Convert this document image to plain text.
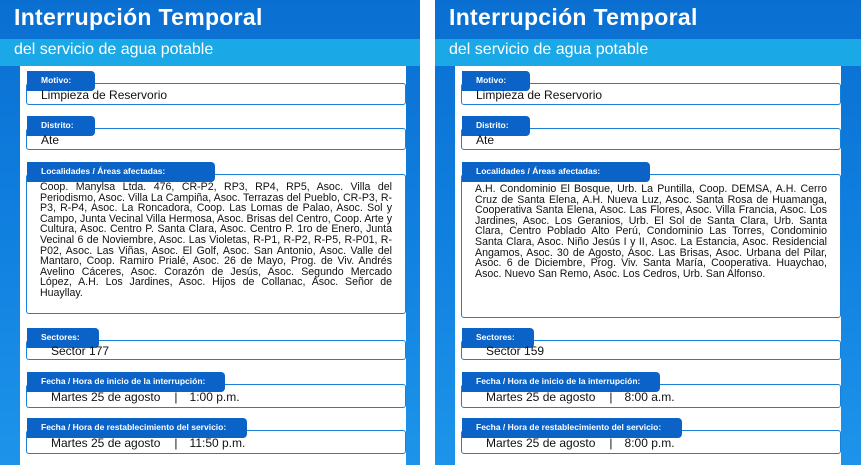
Interrupción Temporal
del servicio de agua potable
Motivo:
Limpieza de Reservorio
Distrito:
Ate
Localidades / Áreas afectadas:
Coop. Manylsa Ltda. 476, CR-P2, RP3, RP4, RP5, Asoc. Villa del Periodismo, Asoc. Villa La Campiña, Asoc. Terrazas del Pueblo, CR-P3, R-P3, R-P4, Asoc. La Roncadora, Coop. Las Lomas de Palao, Asoc. Sol y Campo, Junta Vecinal Villa Hermosa, Asoc. Brisas del Centro, Coop. Arte y Cultura, Asoc. Centro P. Santa Clara, Asoc. Centro P. 1ro de Enero, Junta Vecinal 6 de Noviembre, Asoc. Las Violetas, R-P1, R-P2, R-P5, R-P01, R-P02, Asoc. Las Viñas, Asoc. El Golf, Asoc. San Antonio, Asoc. Valle del Mantaro, Coop. Ramiro Prialé, Asoc. 26 de Mayo, Prog. de Viv. Andrés Avelino Cáceres, Asoc. Corazón de Jesús, Asoc. Segundo Mercado López, A.H. Los Jardines, Asoc. Hijos de Collanac, Asoc. Señor de Huayllay.
Sectores:
Sector 177
Fecha / Hora de inicio de la interrupción:
Martes 25 de agosto | 1:00 p.m.
Fecha / Hora de restablecimiento del servicio:
Martes 25 de agosto | 11:50 p.m.
Interrupción Temporal
del servicio de agua potable
Motivo:
Limpieza de Reservorio
Distrito:
Ate
Localidades / Áreas afectadas:
A.H. Condominio El Bosque, Urb. La Puntilla, Coop. DEMSA, A.H. Cerro Cruz de Santa Elena, A.H. Nueva Luz, Asoc. Santa Rosa de Huamanga, Cooperativa Santa Elena, Asoc. Las Flores, Asoc. Villa Francia, Asoc. Los Jardines, Asoc. Los Geranios, Urb. El Sol de Santa Clara, Urb. Santa Clara, Centro Poblado Alto Perú, Condominio Las Torres, Condominio Santa Clara, Asoc. Niño Jesús I y II, Asoc. La Estancia, Asoc. Residencial Angamos, Asoc. 30 de Agosto, Asoc. Las Brisas, Asoc. Urbana del Pilar, Asoc. 6 de Diciembre, Prog. Viv. Santa María, Cooperativa. Huaychao, Asoc. Nuevo San Remo, Asoc. Los Cedros, Urb. San Alfonso.
Sectores:
Sector 159
Fecha / Hora de inicio de la interrupción:
Martes 25 de agosto | 8:00 a.m.
Fecha / Hora de restablecimiento del servicio:
Martes 25 de agosto | 8:00 p.m.
